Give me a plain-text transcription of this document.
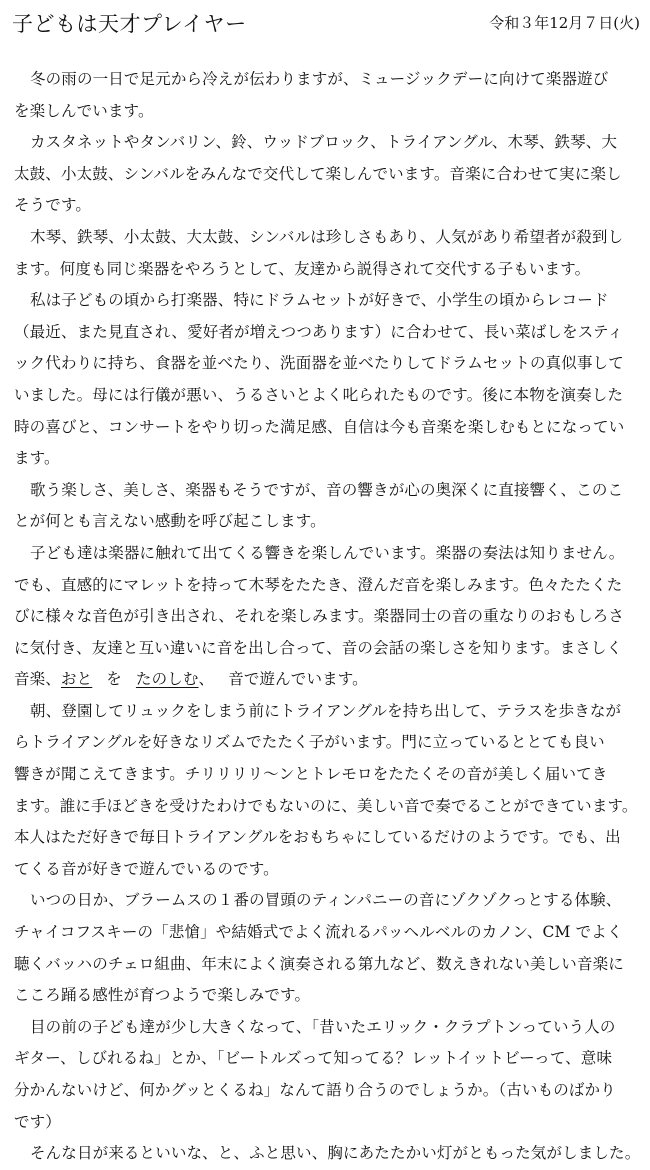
子どもは天才プレイヤー	令和３年12月７日(火)
冬の雨の一日で足元から冷えが伝わりますが、ミュージックデーに向けて楽器遊び
を楽しんでいます。
カスタネットやタンバリン、鈴、ウッドブロック、トライアングル、木琴、鉄琴、大
太鼓、小太鼓、シンバルをみんなで交代して楽しんでいます。音楽に合わせて実に楽し
そうです。
木琴、鉄琴、小太鼓、大太鼓、シンバルは珍しさもあり、人気があり希望者が殺到し
ます。何度も同じ楽器をやろうとして、友達から説得されて交代する子もいます。
私は子どもの頃から打楽器、特にドラムセットが好きで、小学生の頃からレコード
（最近、また見直され、愛好者が増えつつあります）に合わせて、長い菜ばしをスティ
ック代わりに持ち、食器を並べたり、洗面器を並べたりしてドラムセットの真似事して
いました。母には行儀が悪い、うるさいとよく叱られたものです。後に本物を演奏した
時の喜びと、コンサートをやり切った満足感、自信は今も音楽を楽しむもとになってい
ます。
歌う楽しさ、美しさ、楽器もそうですが、音の響きが心の奥深くに直接響く、このこ
とが何とも言えない感動を呼び起こします。
子ども達は楽器に触れて出てくる響きを楽しんでいます。楽器の奏法は知りません。
でも、直感的にマレットを持って木琴をたたき、澄んだ音を楽しみます。色々たたくた
びに様々な音色が引き出され、それを楽しみます。楽器同士の音の重なりのおもしろさ
に気付き、友達と互い違いに音を出し合って、音の会話の楽しさを知ります。まさしく
音楽、おと を たのしむ、 音で遊んでいます。
朝、登園してリュックをしまう前にトライアングルを持ち出して、テラスを歩きなが
らトライアングルを好きなリズムでたたく子がいます。門に立っているととても良い
響きが聞こえてきます。チリリリリ〜ンとトレモロをたたくその音が美しく届いてき
ます。誰に手ほどきを受けたわけでもないのに、美しい音で奏でることができています。
本人はただ好きで毎日トライアングルをおもちゃにしているだけのようです。でも、出
てくる音が好きで遊んでいるのです。
いつの日か、ブラームスの１番の冒頭のティンパニーの音にゾクゾクっとする体験、
チャイコフスキーの「悲愴」や結婚式でよく流れるパッヘルベルのカノン、CM でよく
聴くバッハのチェロ組曲、年末によく演奏される第九など、数えきれない美しい音楽に
こころ踊る感性が育つようで楽しみです。
目の前の子ども達が少し大きくなって、「昔いたエリック・クラプトンっていう人の
ギター、しびれるね」とか、「ビートルズって知ってる？レットイットビーって、意味
分かんないけど、何かグッとくるね」なんて語り合うのでしょうか。（古いものばかり
です）
そんな日が来るといいな、と、ふと思い、胸にあたたかい灯がともった気がしました。
